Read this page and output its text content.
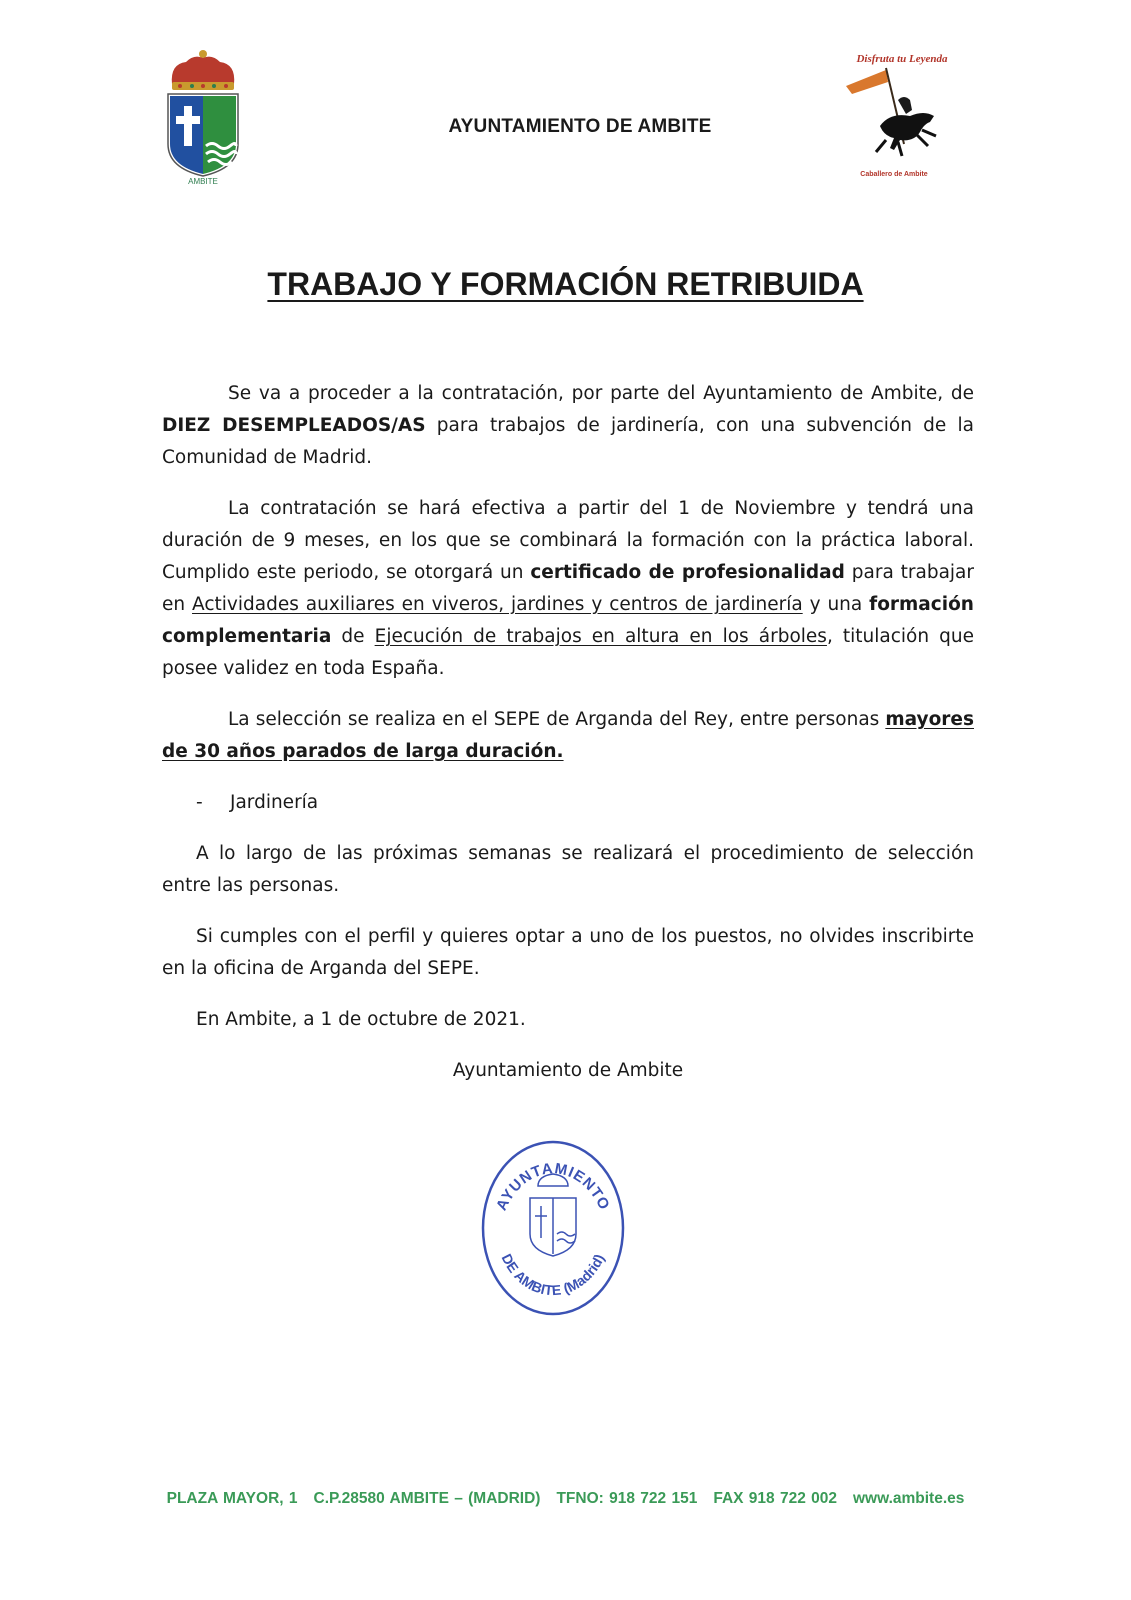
AMBITE
AYUNTAMIENTO DE AMBITE
Disfruta tu Leyenda
Caballero de Ambite
TRABAJO Y FORMACIÓN RETRIBUIDA

Se va a proceder a la contratación, por parte del Ayuntamiento de Ambite, de DIEZ DESEMPLEADOS/AS para trabajos de jardinería, con una subvención de la Comunidad de Madrid.

La contratación se hará efectiva a partir del 1 de Noviembre y tendrá una duración de 9 meses, en los que se combinará la formación con la práctica laboral. Cumplido este periodo, se otorgará un certificado de profesionalidad para trabajar en Actividades auxiliares en viveros, jardines y centros de jardinería y una formación complementaria de Ejecución de trabajos en altura en los árboles, titulación que posee validez en toda España.

La selección se realiza en el SEPE de Arganda del Rey, entre personas mayores de 30 años parados de larga duración.

- Jardinería

A lo largo de las próximas semanas se realizará el procedimiento de selección entre las personas.

Si cumples con el perfil y quieres optar a uno de los puestos, no olvides inscribirte en la oficina de Arganda del SEPE.

En Ambite, a 1 de octubre de 2021.

Ayuntamiento de Ambite

AYUNTAMIENTO
DE AMBITE (Madrid)
PLAZA MAYOR, 1 C.P.28580 AMBITE – (MADRID) TFNO: 918 722 151 FAX 918 722 002 www.ambite.es
